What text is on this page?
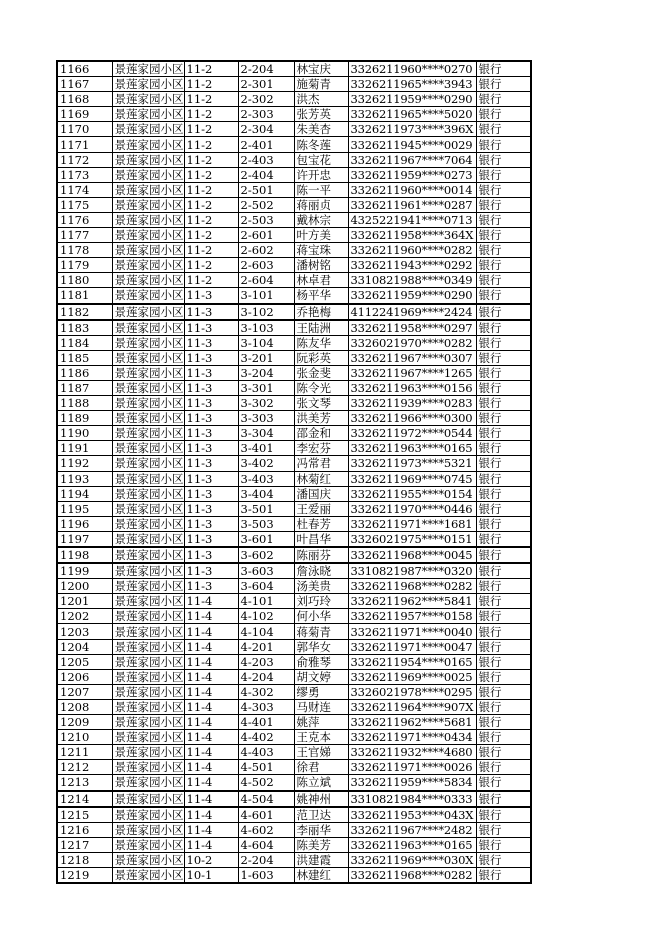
1166	景莲家园小区	11-2	2-204	林宝庆	3326211960****0270	银行
1167	景莲家园小区	11-2	2-301	施菊青	3326211965****3943	银行
1168	景莲家园小区	11-2	2-302	洪杰	3326211959****0290	银行
1169	景莲家园小区	11-2	2-303	张芳英	3326211965****5020	银行
1170	景莲家园小区	11-2	2-304	朱美杏	3326211973****396X	银行
1171	景莲家园小区	11-2	2-401	陈冬莲	3326211945****0029	银行
1172	景莲家园小区	11-2	2-403	包宝花	3326211967****7064	银行
1173	景莲家园小区	11-2	2-404	许开忠	3326211959****0273	银行
1174	景莲家园小区	11-2	2-501	陈一平	3326211960****0014	银行
1175	景莲家园小区	11-2	2-502	蒋丽贞	3326211961****0287	银行
1176	景莲家园小区	11-2	2-503	戴林宗	4325221941****0713	银行
1177	景莲家园小区	11-2	2-601	叶方美	3326211958****364X	银行
1178	景莲家园小区	11-2	2-602	蒋宝珠	3326211960****0282	银行
1179	景莲家园小区	11-2	2-603	潘树铭	3326211943****0292	银行
1180	景莲家园小区	11-2	2-604	林卓君	3310821988****0349	银行
1181	景莲家园小区	11-3	3-101	杨平华	3326211959****0290	银行
1182	景莲家园小区	11-3	3-102	乔艳梅	4112241969****2424	银行
1183	景莲家园小区	11-3	3-103	王陆洲	3326211958****0297	银行
1184	景莲家园小区	11-3	3-104	陈友华	3326021970****0282	银行
1185	景莲家园小区	11-3	3-201	阮彩英	3326211967****0307	银行
1186	景莲家园小区	11-3	3-204	张金斐	3326211967****1265	银行
1187	景莲家园小区	11-3	3-301	陈令光	3326211963****0156	银行
1188	景莲家园小区	11-3	3-302	张文琴	3326211939****0283	银行
1189	景莲家园小区	11-3	3-303	洪美芳	3326211966****0300	银行
1190	景莲家园小区	11-3	3-304	邵金和	3326211972****0544	银行
1191	景莲家园小区	11-3	3-401	李宏芬	3326211963****0165	银行
1192	景莲家园小区	11-3	3-402	冯常君	3326211973****5321	银行
1193	景莲家园小区	11-3	3-403	林菊红	3326211969****0745	银行
1194	景莲家园小区	11-3	3-404	潘国庆	3326211955****0154	银行
1195	景莲家园小区	11-3	3-501	王爱丽	3326211970****0446	银行
1196	景莲家园小区	11-3	3-503	杜春芳	3326211971****1681	银行
1197	景莲家园小区	11-3	3-601	叶昌华	3326021975****0151	银行
1198	景莲家园小区	11-3	3-602	陈丽芬	3326211968****0045	银行
1199	景莲家园小区	11-3	3-603	詹泳晓	3310821987****0320	银行
1200	景莲家园小区	11-3	3-604	汤美贵	3326211968****0282	银行
1201	景莲家园小区	11-4	4-101	刘巧玲	3326211962****5841	银行
1202	景莲家园小区	11-4	4-102	何小华	3326211957****0158	银行
1203	景莲家园小区	11-4	4-104	蒋菊青	3326211971****0040	银行
1204	景莲家园小区	11-4	4-201	郭华女	3326211971****0047	银行
1205	景莲家园小区	11-4	4-203	俞雅琴	3326211954****0165	银行
1206	景莲家园小区	11-4	4-204	胡文婷	3326211969****0025	银行
1207	景莲家园小区	11-4	4-302	缪勇	3326021978****0295	银行
1208	景莲家园小区	11-4	4-303	马财连	3326211964****907X	银行
1209	景莲家园小区	11-4	4-401	姚萍	3326211962****5681	银行
1210	景莲家园小区	11-4	4-402	王克本	3326211971****0434	银行
1211	景莲家园小区	11-4	4-403	王官娣	3326211932****4680	银行
1212	景莲家园小区	11-4	4-501	徐君	3326211971****0026	银行
1213	景莲家园小区	11-4	4-502	陈立斌	3326211959****5834	银行
1214	景莲家园小区	11-4	4-504	姚神州	3310821984****0333	银行
1215	景莲家园小区	11-4	4-601	范卫达	3326211953****043X	银行
1216	景莲家园小区	11-4	4-602	李丽华	3326211967****2482	银行
1217	景莲家园小区	11-4	4-604	陈美芳	3326211963****0165	银行
1218	景莲家园小区	10-2	2-204	洪建霞	3326211969****030X	银行
1219	景莲家园小区	10-1	1-603	林建红	3326211968****0282	银行
